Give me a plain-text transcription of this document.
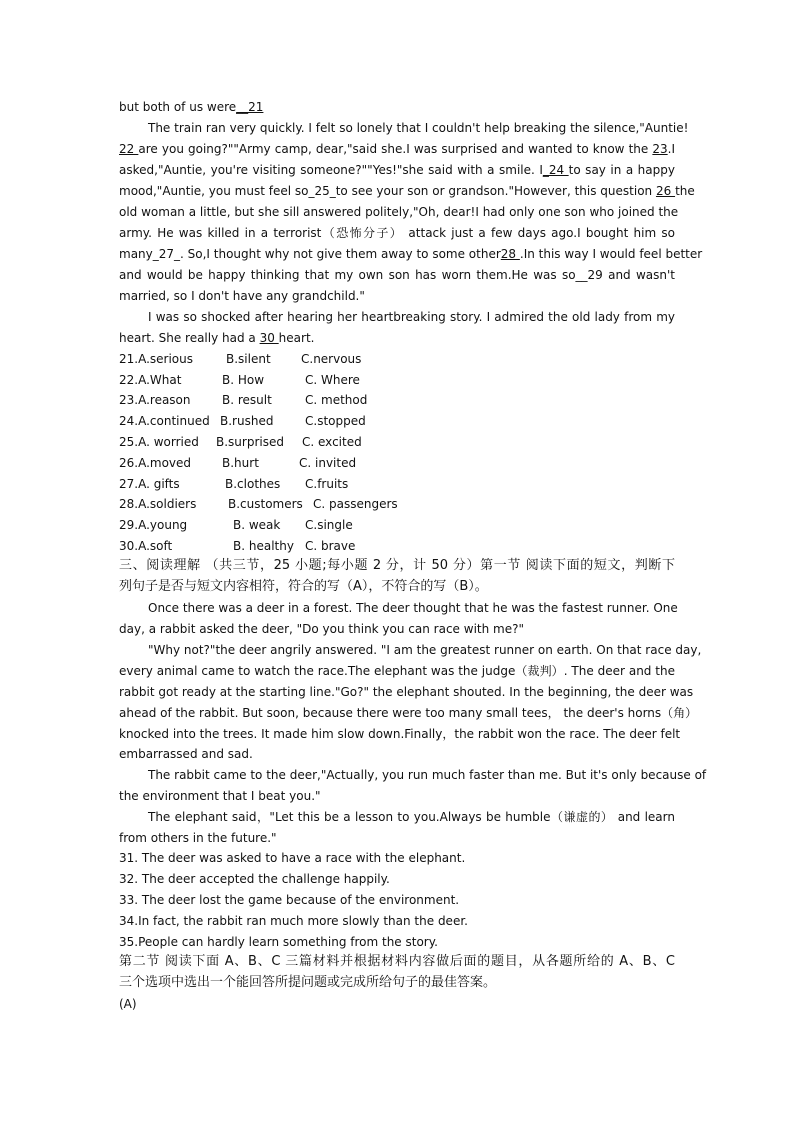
but both of us were__21
The train ran very quickly. I felt so lonely that I couldn't help breaking the silence,"Auntie!
22 are you going?""Army camp, dear,"said she.I was surprised and wanted to know the 23.I
asked,"Auntie, you're visiting someone?""Yes!"she said with a smile. I_24 to say in a happy
mood,"Auntie, you must feel so_25_to see your son or grandson."However, this question 26 the
old woman a little, but she sill answered politely,"Oh, dear!I had only one son who joined the
army. He was killed in a terrorist（恐怖分子） attack just a few days ago.I bought him so
many_27_. So,I thought why not give them away to some other28 .In this way I would feel better
and would be happy thinking that my own son has worn them.He was so__29 and wasn't
married, so I don't have any grandchild."
I was so shocked after hearing her heartbreaking story. I admired the old lady from my
heart. She really had a 30 heart.
21.A.serious	B.silent	C.nervous
22.A.What	B. How	C. Where
23.A.reason	B. result	C. method
24.A.continued B.rushed	C.stopped
25.A. worried B.surprised C. excited
26.A.moved	B.hurt	C. invited
27.A. gifts	B.clothes C.fruits
28.A.soldiers	B.customers C. passengers
29.A.young	B. weak C.single
30.A.soft	B. healthy C. brave
三、阅读理解 （共三节，25 小题;每小题 2 分，计 50 分）第一节 阅读下面的短文，判断下
列句子是否与短文内容相符，符合的写（A），不符合的写（B）。
Once there was a deer in a forest. The deer thought that he was the fastest runner. One
day, a rabbit asked the deer, "Do you think you can race with me?"
"Why not?"the deer angrily answered. "I am the greatest runner on earth. On that race day,
every animal came to watch the race.The elephant was the judge（裁判）. The deer and the
rabbit got ready at the starting line."Go?" the elephant shouted. In the beginning, the deer was
ahead of the rabbit. But soon, because there were too many small tees， the deer's horns（角）
knocked into the trees. It made him slow down.Finally，the rabbit won the race. The deer felt
embarrassed and sad.
The rabbit came to the deer,"Actually, you run much faster than me. But it's only because of
the environment that I beat you."
The elephant said，"Let this be a lesson to you.Always be humble（谦虚的） and learn
from others in the future."
31. The deer was asked to have a race with the elephant.
32. The deer accepted the challenge happily.
33. The deer lost the game because of the environment.
34.In fact, the rabbit ran much more slowly than the deer.
35.People can hardly learn something from the story.
第二节 阅读下面 A、B、C 三篇材料并根据材料内容做后面的题目，从各题所给的 A、B、C
三个选项中选出一个能回答所提问题或完成所给句子的最佳答案。
(A)
